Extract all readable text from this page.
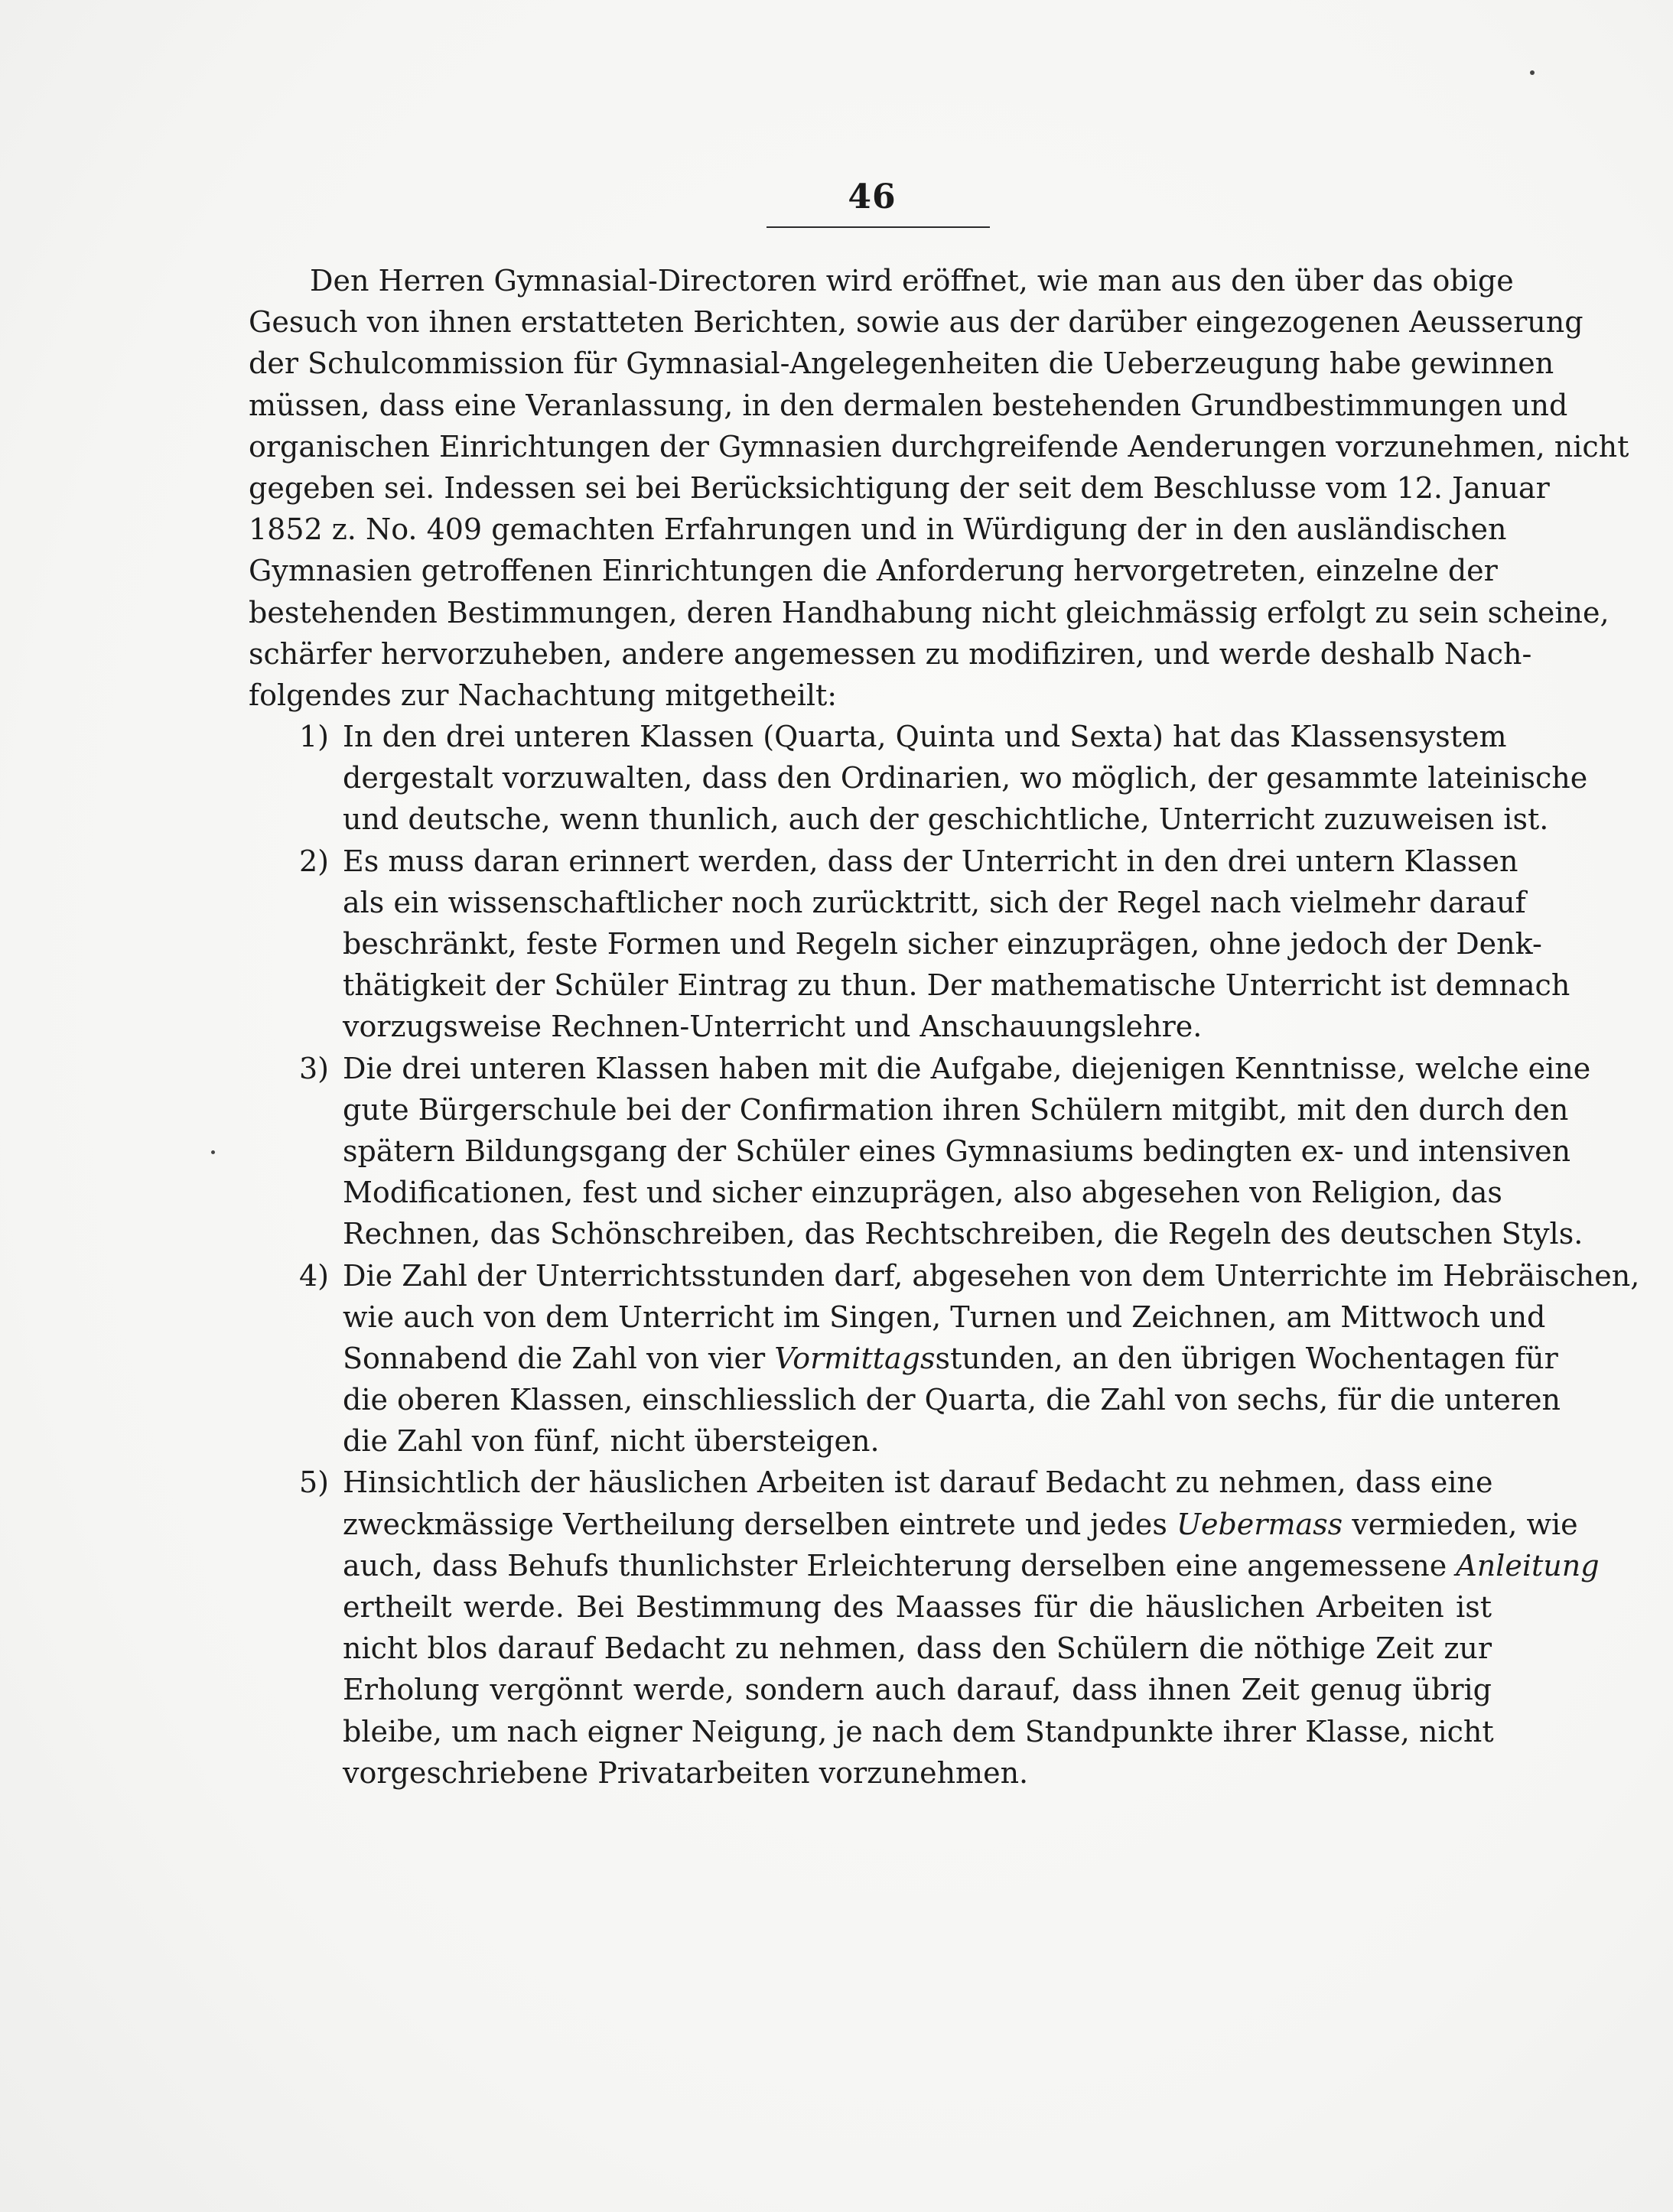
46
Den Herren Gymnasial-Directoren wird eröffnet, wie man aus den über das obige
Gesuch von ihnen erstatteten Berichten, sowie aus der darüber eingezogenen Aeusserung
der Schulcommission für Gymnasial-Angelegenheiten die Ueberzeugung habe gewinnen
müssen, dass eine Veranlassung, in den dermalen bestehenden Grundbestimmungen und
organischen Einrichtungen der Gymnasien durchgreifende Aenderungen vorzunehmen, nicht
gegeben sei. Indessen sei bei Berücksichtigung der seit dem Beschlusse vom 12. Januar
1852 z. No. 409 gemachten Erfahrungen und in Würdigung der in den ausländischen
Gymnasien getroffenen Einrichtungen die Anforderung hervorgetreten, einzelne der
bestehenden Bestimmungen, deren Handhabung nicht gleichmässig erfolgt zu sein scheine,
schärfer hervorzuheben, andere angemessen zu modifiziren, und werde deshalb Nach-
folgendes zur Nachachtung mitgetheilt:
1) In den drei unteren Klassen (Quarta, Quinta und Sexta) hat das Klassensystem
dergestalt vorzuwalten, dass den Ordinarien, wo möglich, der gesammte lateinische
und deutsche, wenn thunlich, auch der geschichtliche, Unterricht zuzuweisen ist.
2) Es muss daran erinnert werden, dass der Unterricht in den drei untern Klassen
als ein wissenschaftlicher noch zurücktritt, sich der Regel nach vielmehr darauf
beschränkt, feste Formen und Regeln sicher einzuprägen, ohne jedoch der Denk-
thätigkeit der Schüler Eintrag zu thun. Der mathematische Unterricht ist demnach
vorzugsweise Rechnen-Unterricht und Anschauungslehre.
3) Die drei unteren Klassen haben mit die Aufgabe, diejenigen Kenntnisse, welche eine
gute Bürgerschule bei der Confirmation ihren Schülern mitgibt, mit den durch den
spätern Bildungsgang der Schüler eines Gymnasiums bedingten ex- und intensiven
Modificationen, fest und sicher einzuprägen, also abgesehen von Religion, das
Rechnen, das Schönschreiben, das Rechtschreiben, die Regeln des deutschen Styls.
4) Die Zahl der Unterrichtsstunden darf, abgesehen von dem Unterrichte im Hebräischen,
wie auch von dem Unterricht im Singen, Turnen und Zeichnen, am Mittwoch und
Sonnabend die Zahl von vier Vormittagsstunden, an den übrigen Wochentagen für
die oberen Klassen, einschliesslich der Quarta, die Zahl von sechs, für die unteren
die Zahl von fünf, nicht übersteigen.
5) Hinsichtlich der häuslichen Arbeiten ist darauf Bedacht zu nehmen, dass eine
zweckmässige Vertheilung derselben eintrete und jedes Uebermass vermieden, wie
auch, dass Behufs thunlichster Erleichterung derselben eine angemessene Anleitung
ertheilt werde. Bei Bestimmung des Maasses für die häuslichen Arbeiten ist
nicht blos darauf Bedacht zu nehmen, dass den Schülern die nöthige Zeit zur
Erholung vergönnt werde, sondern auch darauf, dass ihnen Zeit genug übrig
bleibe, um nach eigner Neigung, je nach dem Standpunkte ihrer Klasse, nicht
vorgeschriebene Privatarbeiten vorzunehmen.
